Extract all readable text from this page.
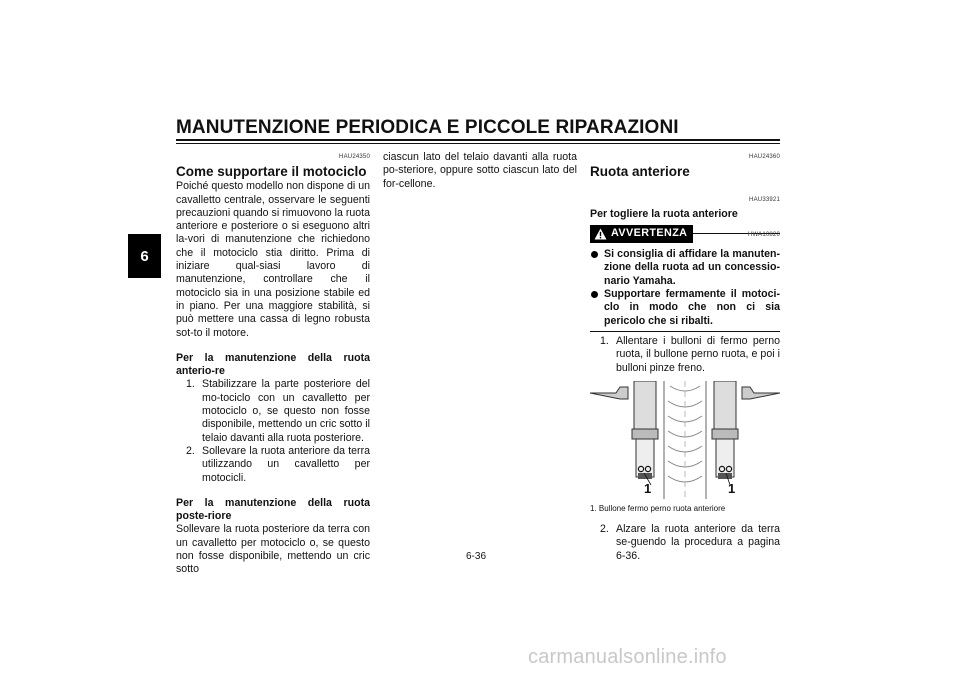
MANUTENZIONE PERIODICA E PICCOLE RIPARAZIONI
6
HAU24350
Come supportare il motociclo

Poiché questo modello non dispone di un cavalletto centrale, osservare le seguenti precauzioni quando si rimuovono la ruota anteriore e posteriore o si eseguono altri la-vori di manutenzione che richiedono che il motociclo stia diritto. Prima di iniziare qual-siasi lavoro di manutenzione, controllare che il motociclo sia in una posizione stabile ed in piano. Per una maggiore stabilità, si può mettere una cassa di legno robusta sot-to il motore.

Per la manutenzione della ruota anterio-re
1. Stabilizzare la parte posteriore del mo-tociclo con un cavalletto per motociclo o, se questo non fosse disponibile, mettendo un cric sotto il telaio davanti alla ruota posteriore.
2. Sollevare la ruota anteriore da terra utilizzando un cavalletto per motocicli.
Per la manutenzione della ruota poste-riore

Sollevare la ruota posteriore da terra con un cavalletto per motociclo o, se questo non fosse disponibile, mettendo un cric sotto

ciascun lato del telaio davanti alla ruota po-steriore, oppure sotto ciascun lato del for-cellone.

HAU24360
Ruota anteriore
HAU33921
Per togliere la ruota anteriore
AVVERTENZA	HWA10820
Si consiglia di affidare la manuten-zione della ruota ad un concessio-nario Yamaha.
Supportare fermamente il motoci-clo in modo che non ci sia pericolo che si ribalti.
1. Allentare i bulloni di fermo perno ruota, il bullone perno ruota, e poi i bulloni pinze freno.
1	1
1. Bullone fermo perno ruota anteriore
2. Alzare la ruota anteriore da terra se-guendo la procedura a pagina 6-36.
6-36
carmanualsonline.info
